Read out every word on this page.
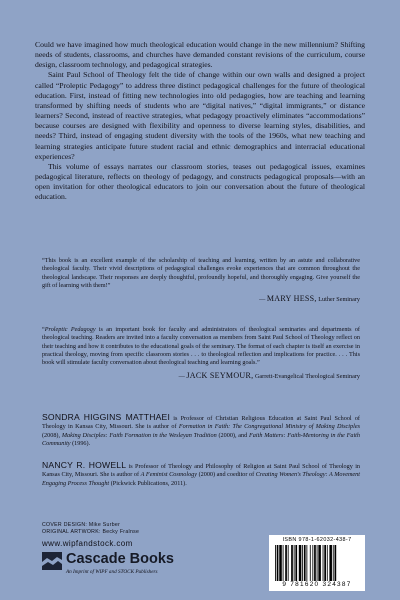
Could we have imagined how much theological education would change in the new millennium? Shifting needs of students, classrooms, and churches have demanded constant revisions of the curriculum, course design, classroom technology, and pedagogical strategies.

Saint Paul School of Theology felt the tide of change within our own walls and designed a project called “Proleptic Pedagogy” to address three distinct pedagogical challenges for the future of theological education. First, instead of fitting new technologies into old pedagogies, how are teaching and learning transformed by shifting needs of students who are “digital natives,” “digital immigrants,” or distance learners? Second, instead of reactive strategies, what pedagogy proactively eliminates “accommodations” because courses are designed with flexibility and openness to diverse learning styles, disabilities, and needs? Third, instead of engaging student diversity with the tools of the 1960s, what new teaching and learning strategies anticipate future student racial and ethnic demographics and interracial educational experiences?

This volume of essays narrates our classroom stories, teases out pedagogical issues, examines pedagogical literature, reflects on theology of pedagogy, and constructs pedagogical proposals—with an open invitation for other theological educators to join our conversation about the future of theological education.

“This book is an excellent example of the scholarship of teaching and learning, written by an astute and collaborative theological faculty. Their vivid descriptions of pedagogical challenges evoke experiences that are common throughout the theological landscape. Their responses are deeply thoughtful, profoundly hopeful, and thoroughly engaging. Give yourself the gift of learning with them!”

— MARY HESS, Luther Seminary

“Proleptic Pedagogy is an important book for faculty and administrators of theological seminaries and departments of theological teaching. Readers are invited into a faculty conversation as members from Saint Paul School of Theology reflect on their teaching and how it contributes to the educational goals of the seminary. The format of each chapter is itself an exercise in practical theology, moving from specific classroom stories . . . to theological reflection and implications for practice. . . . This book will stimulate faculty conversation about theological teaching and learning goals.”

— JACK SEYMOUR, Garrett-Evangelical Theological Seminary
SONDRA HIGGINS MATTHAEI is Professor of Christian Religious Education at Saint Paul School of Theology in Kansas City, Missouri. She is author of Formation in Faith: The Congregational Ministry of Making Disciples (2008), Making Disciples: Faith Formation in the Wesleyan Tradition (2000), and Faith Matters: Faith-Mentoring in the Faith Community (1996).
NANCY R. HOWELL is Professor of Theology and Philosophy of Religion at Saint Paul School of Theology in Kansas City, Missouri. She is author of A Feminist Cosmology (2000) and coeditor of Creating Women's Theology: A Movement Engaging Process Thought (Pickwick Publications, 2011).
COVER DESIGN: Mike Surber
ORIGINAL ARTWORK: Becky Fralnse
www.wipfandstock.com
Cascade Books
An Imprint of WIPF and STOCK Publishers
ISBN 978-1-62032-438-7
9 781620 324387
